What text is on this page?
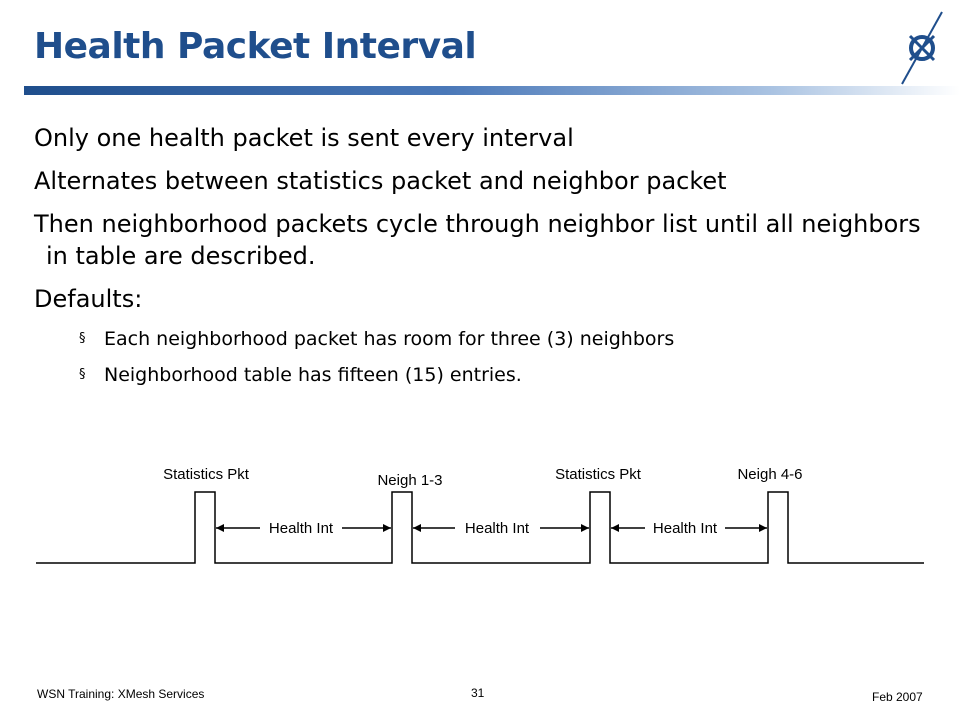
Health Packet Interval

Only one health packet is sent every interval

Alternates between statistics packet and neighbor packet

Then neighborhood packets cycle through neighbor list until all neighbors in table are described.

Defaults:

§ Each neighborhood packet has room for three (3) neighbors

§ Neighborhood table has fifteen (15) entries.

Statistics Pkt	Neigh 1-3	Statistics Pkt	Neigh 4-6
Health Int	Health Int	Health Int
WSN Training: XMesh Services	31	Feb 2007
